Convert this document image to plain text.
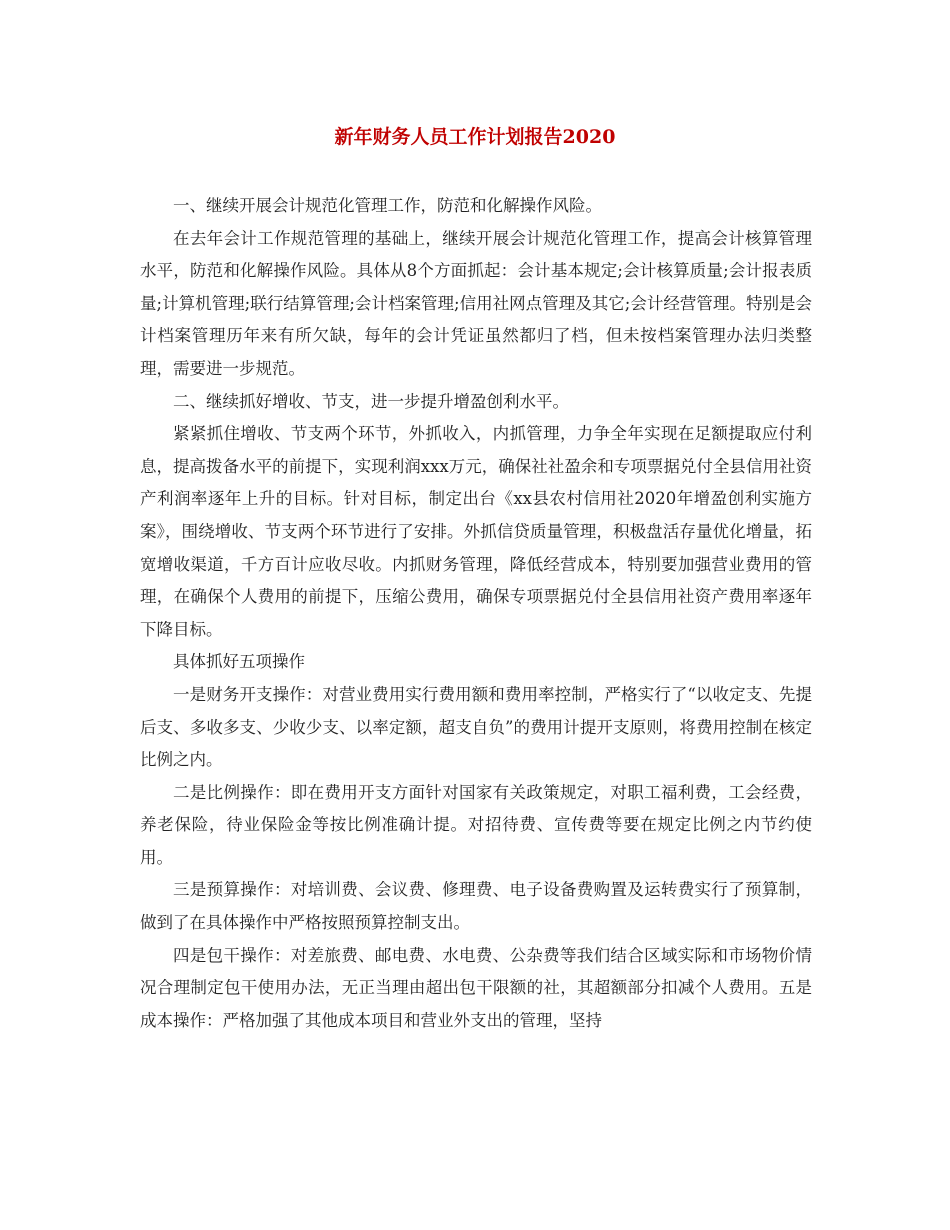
新年财务人员工作计划报告2020

一、继续开展会计规范化管理工作，防范和化解操作风险。

在去年会计工作规范管理的基础上，继续开展会计规范化管理工作，提高会计核算管理水平，防范和化解操作风险。具体从8个方面抓起：会计基本规定;会计核算质量;会计报表质量;计算机管理;联行结算管理;会计档案管理;信用社网点管理及其它;会计经营管理。特别是会计档案管理历年来有所欠缺，每年的会计凭证虽然都归了档，但未按档案管理办法归类整理，需要进一步规范。

二、继续抓好增收、节支，进一步提升增盈创利水平。

紧紧抓住增收、节支两个环节，外抓收入，内抓管理，力争全年实现在足额提取应付利息，提高拨备水平的前提下，实现利润xxx万元，确保社社盈余和专项票据兑付全县信用社资产利润率逐年上升的目标。针对目标，制定出台《xx县农村信用社2020年增盈创利实施方案》，围绕增收、节支两个环节进行了安排。外抓信贷质量管理，积极盘活存量优化增量，拓宽增收渠道，千方百计应收尽收。内抓财务管理，降低经营成本，特别要加强营业费用的管理，在确保个人费用的前提下，压缩公费用，确保专项票据兑付全县信用社资产费用率逐年下降目标。

具体抓好五项操作

一是财务开支操作：对营业费用实行费用额和费用率控制，严格实行了“以收定支、先提后支、多收多支、少收少支、以率定额，超支自负”的费用计提开支原则，将费用控制在核定比例之内。

二是比例操作：即在费用开支方面针对国家有关政策规定，对职工福利费，工会经费，养老保险，待业保险金等按比例准确计提。对招待费、宣传费等要在规定比例之内节约使用。

三是预算操作：对培训费、会议费、修理费、电子设备费购置及运转费实行了预算制，做到了在具体操作中严格按照预算控制支出。

四是包干操作：对差旅费、邮电费、水电费、公杂费等我们结合区域实际和市场物价情况合理制定包干使用办法，无正当理由超出包干限额的社，其超额部分扣减个人费用。五是成本操作：严格加强了其他成本项目和营业外支出的管理，坚持
